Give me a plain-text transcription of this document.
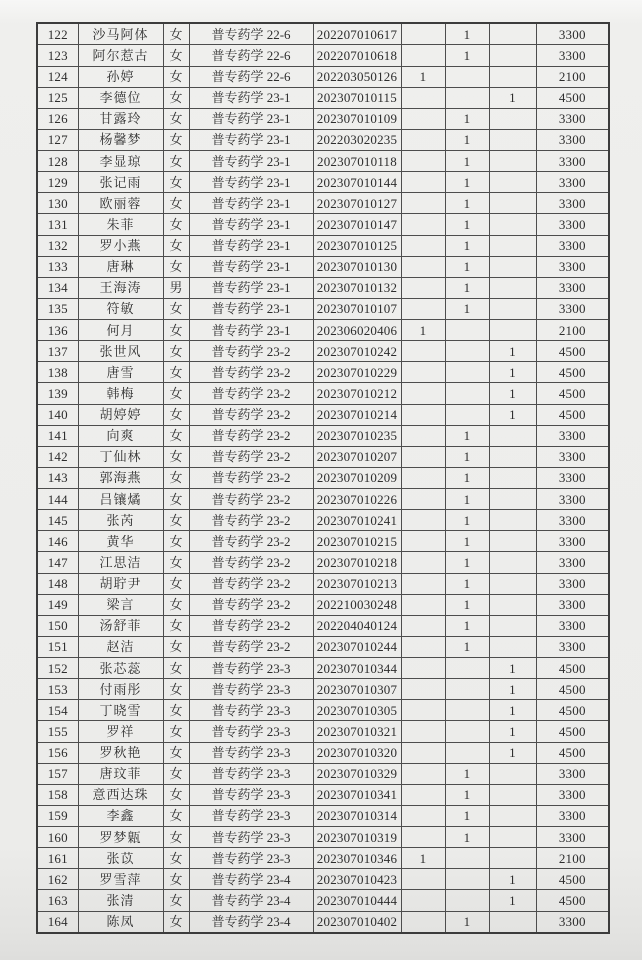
122	沙马阿体	女	普专药学 22-6	202207010617		1		3300
123	阿尔惹古	女	普专药学 22-6	202207010618		1		3300
124	孙婷	女	普专药学 22-6	202203050126	1			2100
125	李德位	女	普专药学 23-1	202307010115			1	4500
126	甘露玲	女	普专药学 23-1	202307010109		1		3300
127	杨馨梦	女	普专药学 23-1	202203020235		1		3300
128	李显琼	女	普专药学 23-1	202307010118		1		3300
129	张记雨	女	普专药学 23-1	202307010144		1		3300
130	欧丽蓉	女	普专药学 23-1	202307010127		1		3300
131	朱菲	女	普专药学 23-1	202307010147		1		3300
132	罗小燕	女	普专药学 23-1	202307010125		1		3300
133	唐琳	女	普专药学 23-1	202307010130		1		3300
134	王海涛	男	普专药学 23-1	202307010132		1		3300
135	符敏	女	普专药学 23-1	202307010107		1		3300
136	何月	女	普专药学 23-1	202306020406	1			2100
137	张世风	女	普专药学 23-2	202307010242			1	4500
138	唐雪	女	普专药学 23-2	202307010229			1	4500
139	韩梅	女	普专药学 23-2	202307010212			1	4500
140	胡婷婷	女	普专药学 23-2	202307010214			1	4500
141	向爽	女	普专药学 23-2	202307010235		1		3300
142	丁仙林	女	普专药学 23-2	202307010207		1		3300
143	郭海燕	女	普专药学 23-2	202307010209		1		3300
144	吕镶燏	女	普专药学 23-2	202307010226		1		3300
145	张芮	女	普专药学 23-2	202307010241		1		3300
146	黄华	女	普专药学 23-2	202307010215		1		3300
147	江思洁	女	普专药学 23-2	202307010218		1		3300
148	胡聍尹	女	普专药学 23-2	202307010213		1		3300
149	梁言	女	普专药学 23-2	202210030248		1		3300
150	汤舒菲	女	普专药学 23-2	202204040124		1		3300
151	赵洁	女	普专药学 23-2	202307010244		1		3300
152	张芯蕊	女	普专药学 23-3	202307010344			1	4500
153	付雨彤	女	普专药学 23-3	202307010307			1	4500
154	丁晓雪	女	普专药学 23-3	202307010305			1	4500
155	罗祥	女	普专药学 23-3	202307010321			1	4500
156	罗秋艳	女	普专药学 23-3	202307010320			1	4500
157	唐玟菲	女	普专药学 23-3	202307010329		1		3300
158	意西达珠	女	普专药学 23-3	202307010341		1		3300
159	李鑫	女	普专药学 23-3	202307010314		1		3300
160	罗梦甈	女	普专药学 23-3	202307010319		1		3300
161	张苡	女	普专药学 23-3	202307010346	1			2100
162	罗雪萍	女	普专药学 23-4	202307010423			1	4500
163	张清	女	普专药学 23-4	202307010444			1	4500
164	陈凤	女	普专药学 23-4	202307010402		1		3300
